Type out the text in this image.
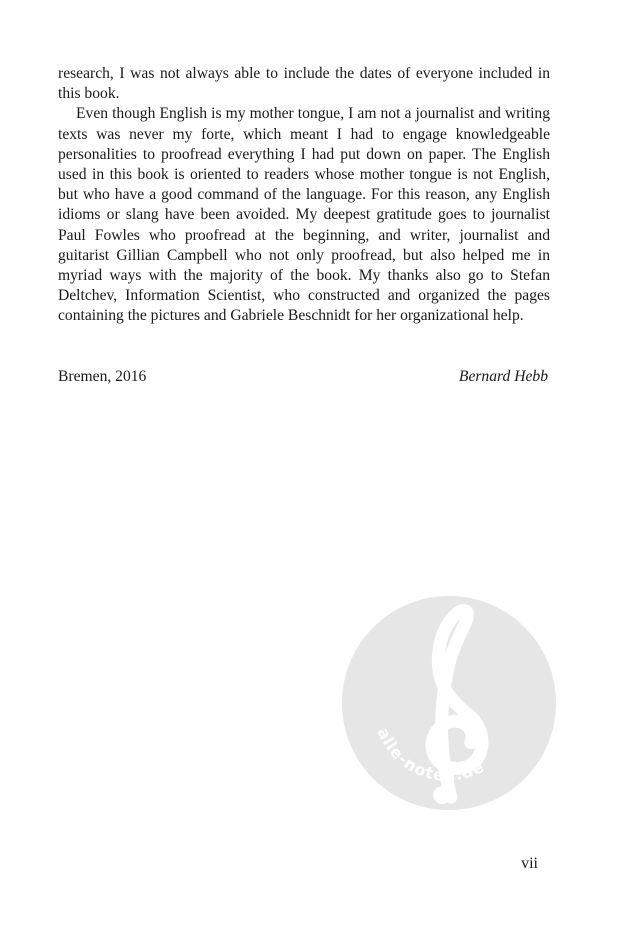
research, I was not always able to include the dates of everyone included in this book.

Even though English is my mother tongue, I am not a journalist and writing texts was never my forte, which meant I had to engage knowledgeable personalities to proofread everything I had put down on paper. The English used in this book is oriented to readers whose mother tongue is not English, but who have a good command of the language. For this reason, any English idioms or slang have been avoided. My deepest gratitude goes to journalist Paul Fowles who proofread at the beginning, and writer, journalist and guitarist Gillian Campbell who not only proofread, but also helped me in myriad ways with the majority of the book. My thanks also go to Stefan Deltchev, Information Scientist, who constructed and organized the pages containing the pictures and Gabriele Beschnidt for her organizational help.

Bremen, 2016	Bernard Hebb
alle-noten.de
vii
